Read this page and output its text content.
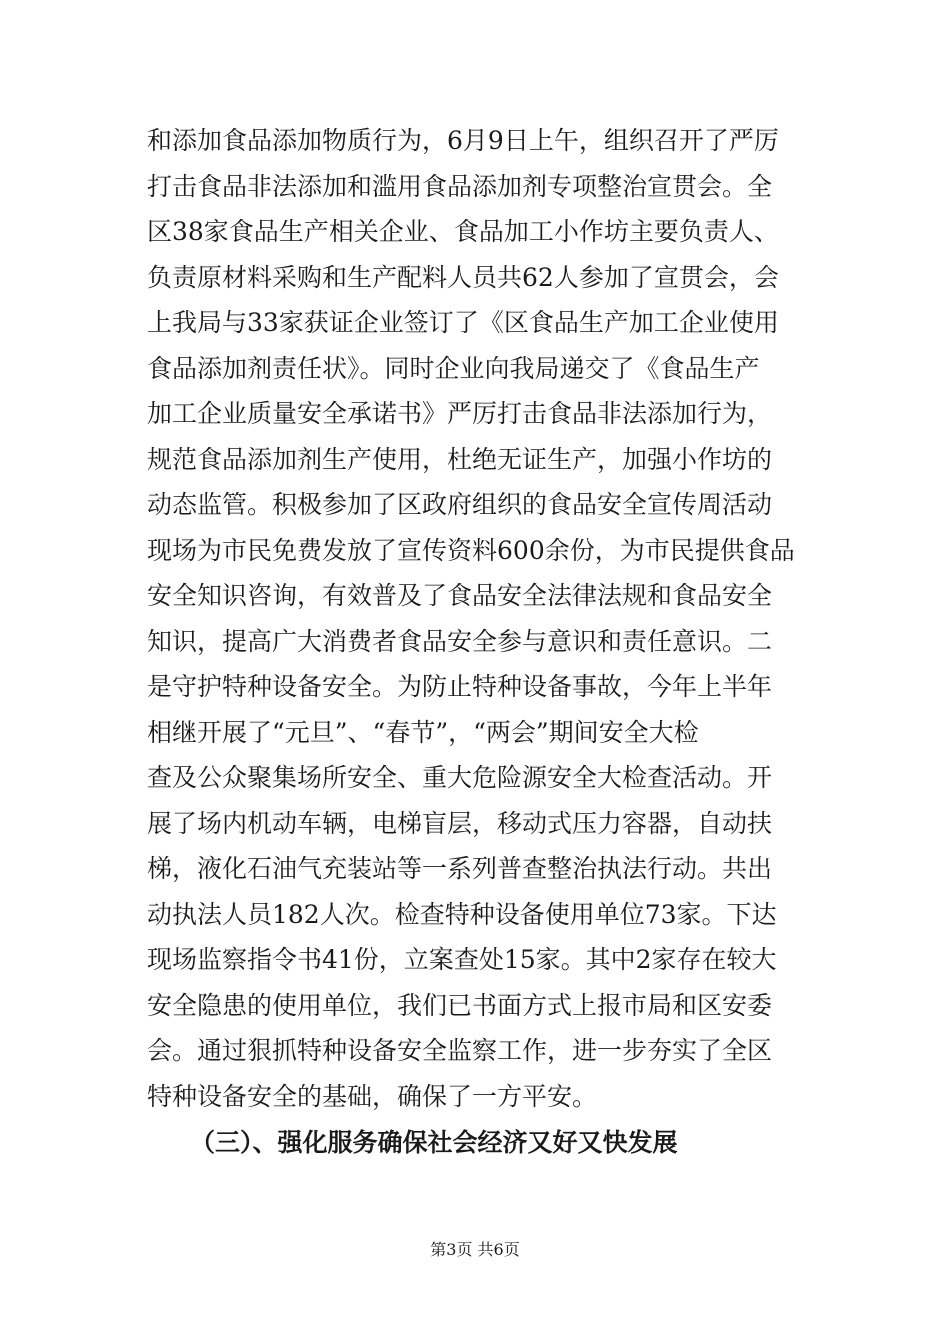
和添加食品添加物质行为，6月9日上午，组织召开了严厉
打击食品非法添加和滥用食品添加剂专项整治宣贯会。全
区38家食品生产相关企业、食品加工小作坊主要负责人、
负责原材料采购和生产配料人员共62人参加了宣贯会，会
上我局与33家获证企业签订了《区食品生产加工企业使用
食品添加剂责任状》。同时企业向我局递交了《食品生产
加工企业质量安全承诺书》严厉打击食品非法添加行为，
规范食品添加剂生产使用，杜绝无证生产，加强小作坊的
动态监管。积极参加了区政府组织的食品安全宣传周活动
现场为市民免费发放了宣传资料600余份，为市民提供食品
安全知识咨询，有效普及了食品安全法律法规和食品安全
知识，提高广大消费者食品安全参与意识和责任意识。二
是守护特种设备安全。为防止特种设备事故，今年上半年
相继开展了“元旦”、“春节”，“两会”期间安全大检
查及公众聚集场所安全、重大危险源安全大检查活动。开
展了场内机动车辆，电梯盲层，移动式压力容器，自动扶
梯，液化石油气充装站等一系列普查整治执法行动。共出
动执法人员182人次。检查特种设备使用单位73家。下达
现场监察指令书41份，立案查处15家。其中2家存在较大
安全隐患的使用单位，我们已书面方式上报市局和区安委
会。通过狠抓特种设备安全监察工作，进一步夯实了全区
特种设备安全的基础，确保了一方平安。
（三）、强化服务确保社会经济又好又快发展
第3页 共6页
